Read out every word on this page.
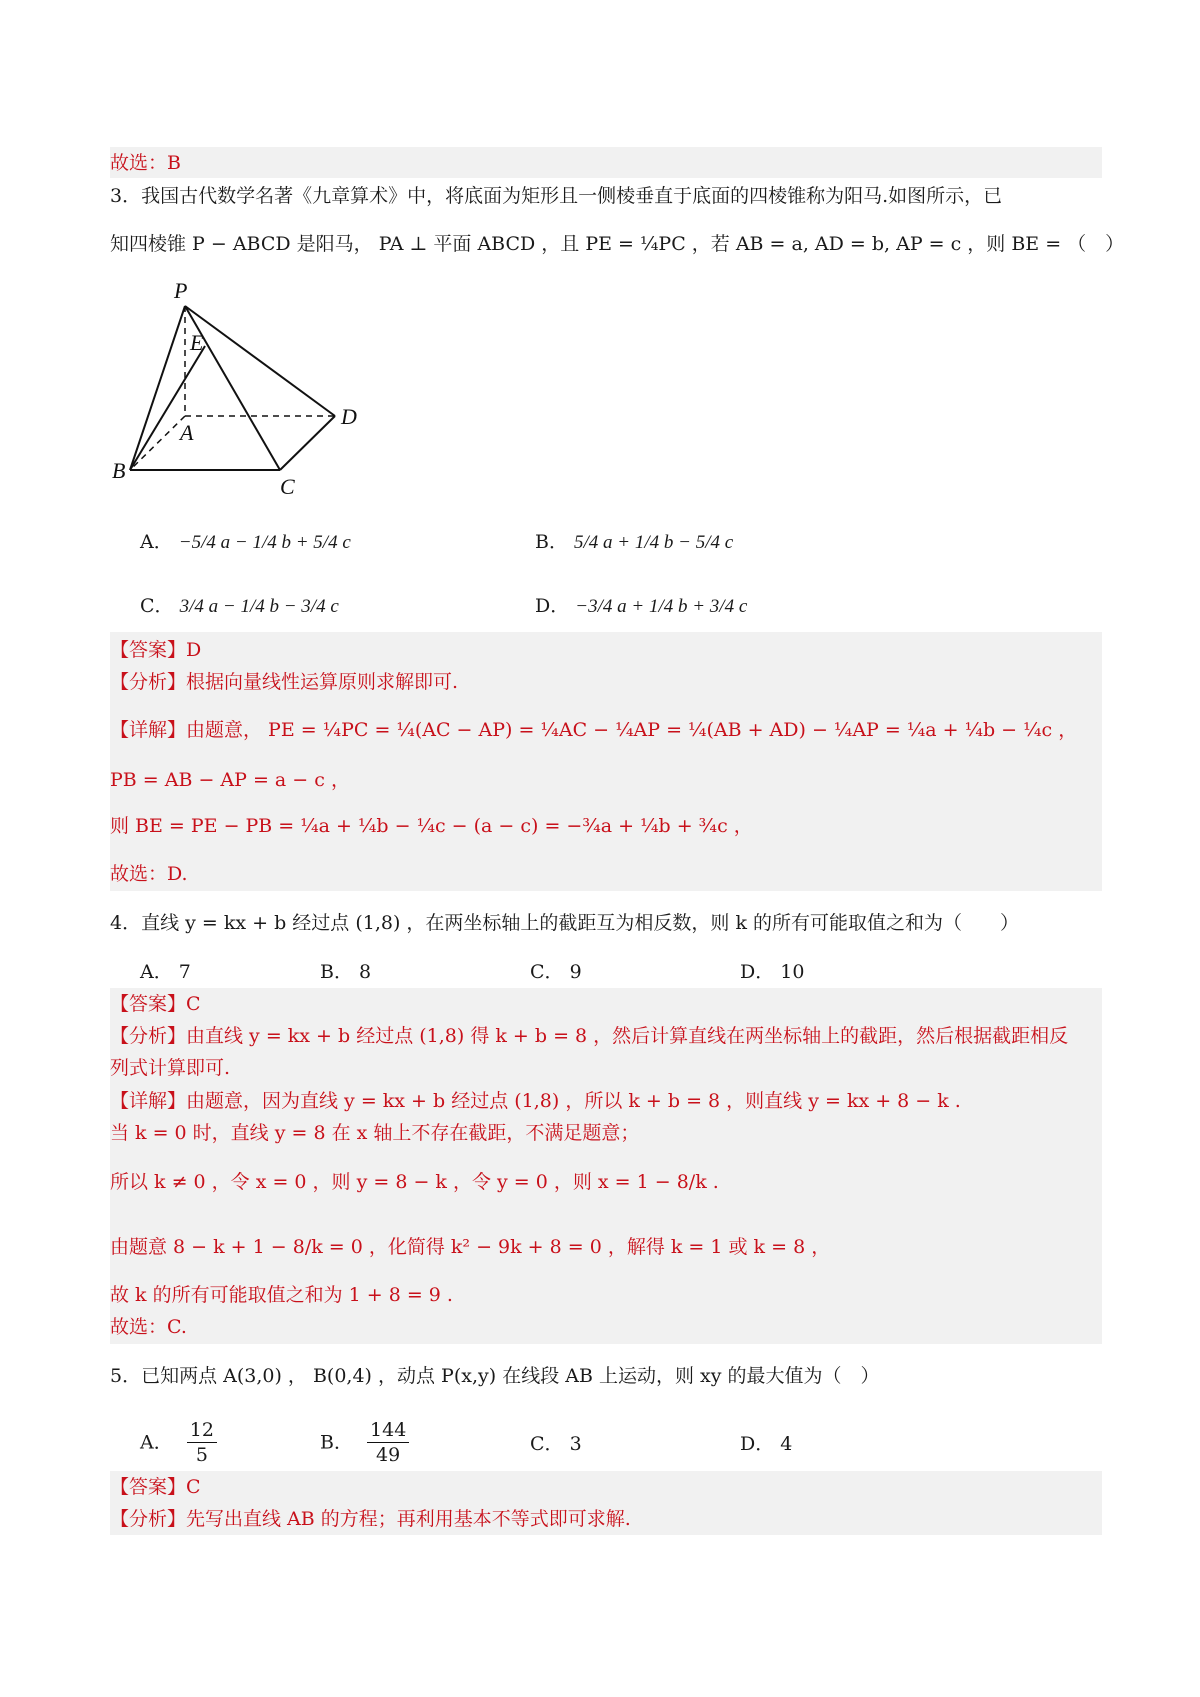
故选：B
3．我国古代数学名著《九章算术》中，将底面为矩形且一侧棱垂直于底面的四棱锥称为阳马.如图所示，已
知四棱锥 P − ABCD 是阳马， PA ⊥ 平面 ABCD ，且 PE = ¼PC ，若 AB = a, AD = b, AP = c ，则 BE = （　）
P
E
A
D
B
C
A． −5/4 a − 1/4 b + 5/4 c	B． 5/4 a + 1/4 b − 5/4 c
C． 3/4 a − 1/4 b − 3/4 c	D． −3/4 a + 1/4 b + 3/4 c
【答案】D
【分析】根据向量线性运算原则求解即可.
【详解】由题意， PE = ¼PC = ¼(AC − AP) = ¼AC − ¼AP = ¼(AB + AD) − ¼AP = ¼a + ¼b − ¼c ，
PB = AB − AP = a − c ，
则 BE = PE − PB = ¼a + ¼b − ¼c − (a − c) = −¾a + ¼b + ¾c ，
故选：D.
4．直线 y = kx + b 经过点 (1,8) ，在两坐标轴上的截距互为相反数，则 k 的所有可能取值之和为（　　）
A． 7	B． 8	C． 9	D． 10
【答案】C
【分析】由直线 y = kx + b 经过点 (1,8) 得 k + b = 8 ，然后计算直线在两坐标轴上的截距，然后根据截距相反
列式计算即可.
【详解】由题意，因为直线 y = kx + b 经过点 (1,8) ，所以 k + b = 8 ，则直线 y = kx + 8 − k .
当 k = 0 时，直线 y = 8 在 x 轴上不存在截距，不满足题意；
所以 k ≠ 0 ，令 x = 0 ，则 y = 8 − k ，令 y = 0 ，则 x = 1 − 8/k .
由题意 8 − k + 1 − 8/k = 0 ，化简得 k² − 9k + 8 = 0 ，解得 k = 1 或 k = 8 ，
故 k 的所有可能取值之和为 1 + 8 = 9 .
故选：C.
5．已知两点 A(3,0) ， B(0,4) ，动点 P(x,y) 在线段 AB 上运动，则 xy 的最大值为（　）
A． $\frac{12}{5}$	B． $\frac{144}{49}$	C． 3	D． 4
【答案】C
【分析】先写出直线 AB 的方程；再利用基本不等式即可求解.
